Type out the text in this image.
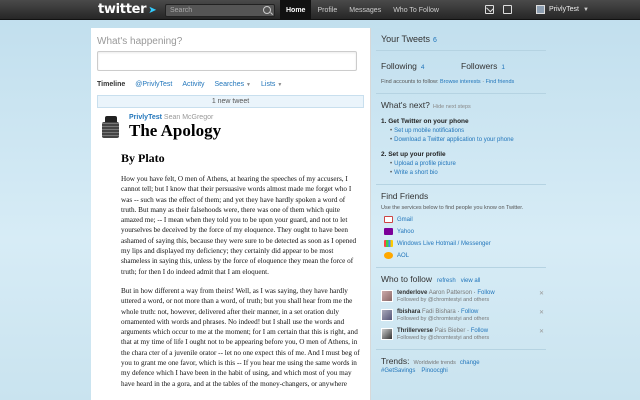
twitter ➤	Search	Home	Profile	Messages	Who To Follow	PrivlyTest ▼
What's happening?
Timeline @PrivlyTest Activity Searches ▼ Lists ▼
1 new tweet
PrivlyTest Sean McGregor
The Apology
By Plato

How you have felt, O men of Athens, at hearing the speeches of my accusers, I cannot tell; but I know that their persuasive words almost made me forget who I was -- such was the effect of them; and yet they have hardly spoken a word of truth. But many as their falsehoods were, there was one of them which quite amazed me; -- I mean when they told you to be upon your guard, and not to let yourselves be deceived by the force of my eloquence. They ought to have been ashamed of saying this, because they were sure to be detected as soon as I opened my lips and displayed my deficiency; they certainly did appear to be most shameless in saying this, unless by the force of eloquence they mean the force of truth; for then I do indeed admit that I am eloquent.

But in how different a way from theirs! Well, as I was saying, they have hardly uttered a word, or not more than a word, of truth; but you shall hear from me the whole truth: not, however, delivered after their manner, in a set oration duly ornamented with words and phrases. No indeed! but I shall use the words and arguments which occur to me at the moment; for I am certain that this is right, and that at my time of life I ought not to be appearing before you, O men of Athens, in the chara cter of a juvenile orator -- let no one expect this of me. And I must beg of you to grant me one favor, which is this -- If you hear me using the same words in my defence which I have been in the habit of using, and which most of you may have heard in the a gora, and at the tables of the money-changers, or anywhere

Your Tweets 6
Following 4	Followers 1
Find accounts to follow: Browse interests · Find friends
What's next? Hide next steps
1. Get Twitter on your phone
• Set up mobile notifications
• Download a Twitter application to your phone
2. Set up your profile
• Upload a profile picture
• Write a short bio
Find Friends
Use the services below to find people you know on Twitter.
Gmail
Yahoo
Windows Live Hotmail / Messenger
AOL
Who to follow refresh view all
tenderlove Aaron Patterson · Follow
Followed by @chromtestyi and others
✕
fbishara Fadi Bishara · Follow
Followed by @chromtestyi and others
✕
Thrillerverse Pais Bieber · Follow
Followed by @chromtestyi and others
✕
Trends: Worldwide trends change
#GetSavings Pinoocghi
